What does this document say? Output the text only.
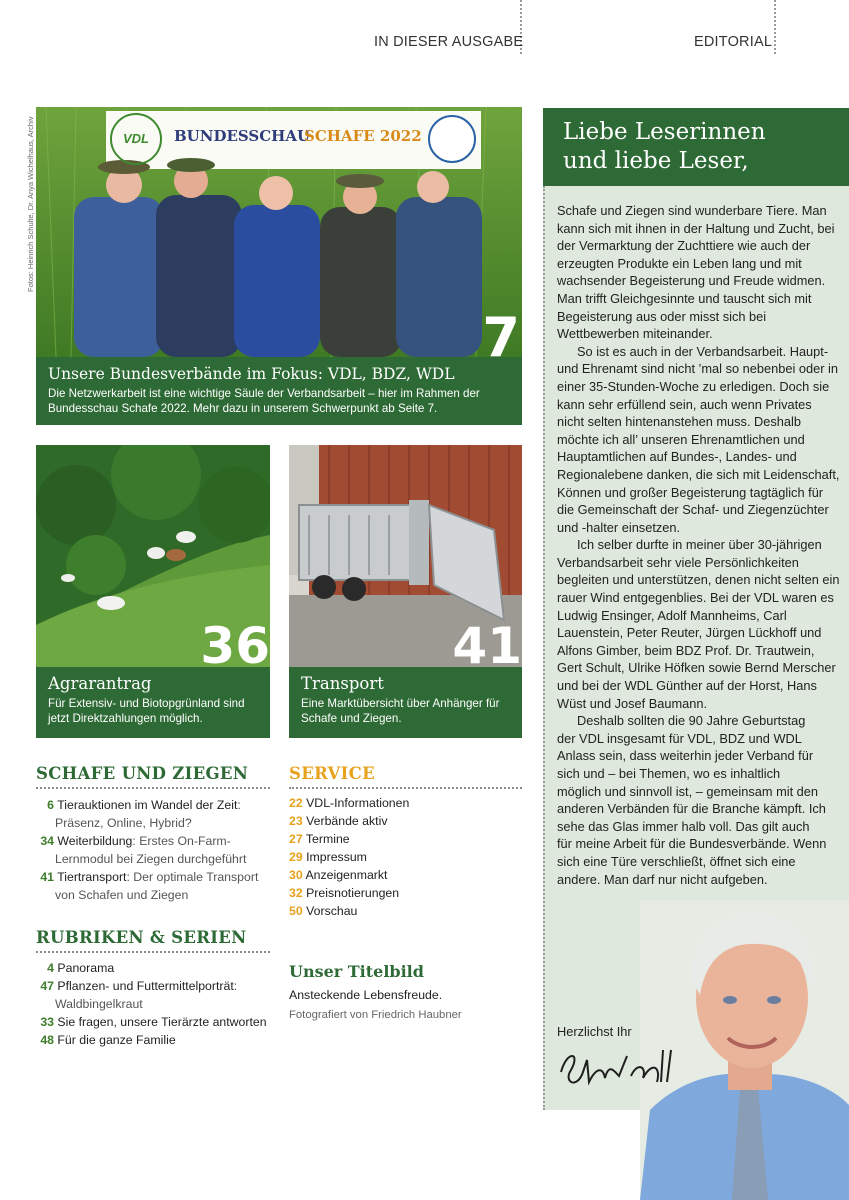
IN DIESER AUSGABE	EDITORIAL
Fotos: Heinrich Schulte, Dr. Anya Wichelhaus, Archiv	VDL	BUNDESSCHAU
SCHAFE 2022
7
Unsere Bundesverbände im Fokus: VDL, BDZ, WDL
Die Netzwerkarbeit ist eine wichtige Säule der Verbandsarbeit – hier im Rahmen der Bundesschau Schafe 2022. Mehr dazu in unserem Schwerpunkt ab Seite 7.
36
Agrarantrag
Für Extensiv- und Biotopgrünland sind jetzt Direktzahlungen möglich.
41
Transport
Eine Marktübersicht über Anhänger für Schafe und Ziegen.
SCHAFE UND ZIEGEN
6 Tierauktionen im Wandel der Zeit:
Präsenz, Online, Hybrid?
34 Weiterbildung: Erstes On-Farm-
Lernmodul bei Ziegen durchgeführt
41 Tiertransport: Der optimale Transport
von Schafen und Ziegen
RUBRIKEN & SERIEN
4 Panorama
47 Pflanzen- und Futtermittelporträt:
Waldbingelkraut
33 Sie fragen, unsere Tierärzte antworten
48 Für die ganze Familie
SERVICE
22 VDL-Informationen
23 Verbände aktiv
27 Termine
29 Impressum
30 Anzeigenmarkt
32 Preisnotierungen
50 Vorschau
Unser Titelbild
Ansteckende Lebensfreude.
Fotografiert von Friedrich Haubner
Liebe Leserinnen
und liebe Leser,

Schafe und Ziegen sind wunderbare Tiere. Man kann sich mit ihnen in der Haltung und Zucht, bei der Vermarktung der Zuchttiere wie auch der erzeugten Produkte ein Leben lang und mit wachsender Begeisterung und Freude widmen. Man trifft Gleichgesinnte und tauscht sich mit Begeisterung aus oder misst sich bei Wettbewerben miteinander.

So ist es auch in der Verbandsarbeit. Haupt- und Ehrenamt sind nicht ’mal so nebenbei oder in einer 35-Stunden-Woche zu erledigen. Doch sie kann sehr erfüllend sein, auch wenn Privates nicht selten hintenanstehen muss. Deshalb möchte ich all’ unseren Ehrenamtlichen und Hauptamtlichen auf Bundes-, Landes- und Regionalebene danken, die sich mit Leidenschaft, Können und großer Begeisterung tagtäglich für die Gemeinschaft der Schaf- und Ziegenzüchter und -halter einsetzen.

Ich selber durfte in meiner über 30-jährigen Verbandsarbeit sehr viele Persönlichkeiten begleiten und unterstützen, denen nicht selten ein rauer Wind entgegenblies. Bei der VDL waren es Ludwig Ensinger, Adolf Mannheims, Carl Lauenstein, Peter Reuter, Jürgen Lückhoff und Alfons Gimber, beim BDZ Prof. Dr. Trautwein, Gert Schult, Ulrike Höfken sowie Bernd Merscher und bei der WDL Günther auf der Horst, Hans Wüst und Josef Baumann.

Deshalb sollten die 90 Jahre Geburtstag der VDL insgesamt für VDL, BDZ und WDL Anlass sein, dass weiterhin jeder Verband für sich und – bei Themen, wo es inhaltlich möglich und sinnvoll ist, – gemeinsam mit den anderen Verbänden für die Branche kämpft. Ich sehe das Glas immer halb voll. Das gilt auch für meine Arbeit für die Bundesverbände. Wenn sich eine Türe verschließt, öffnet sich eine andere. Man darf nur nicht aufgeben.

Herzlichst Ihr
